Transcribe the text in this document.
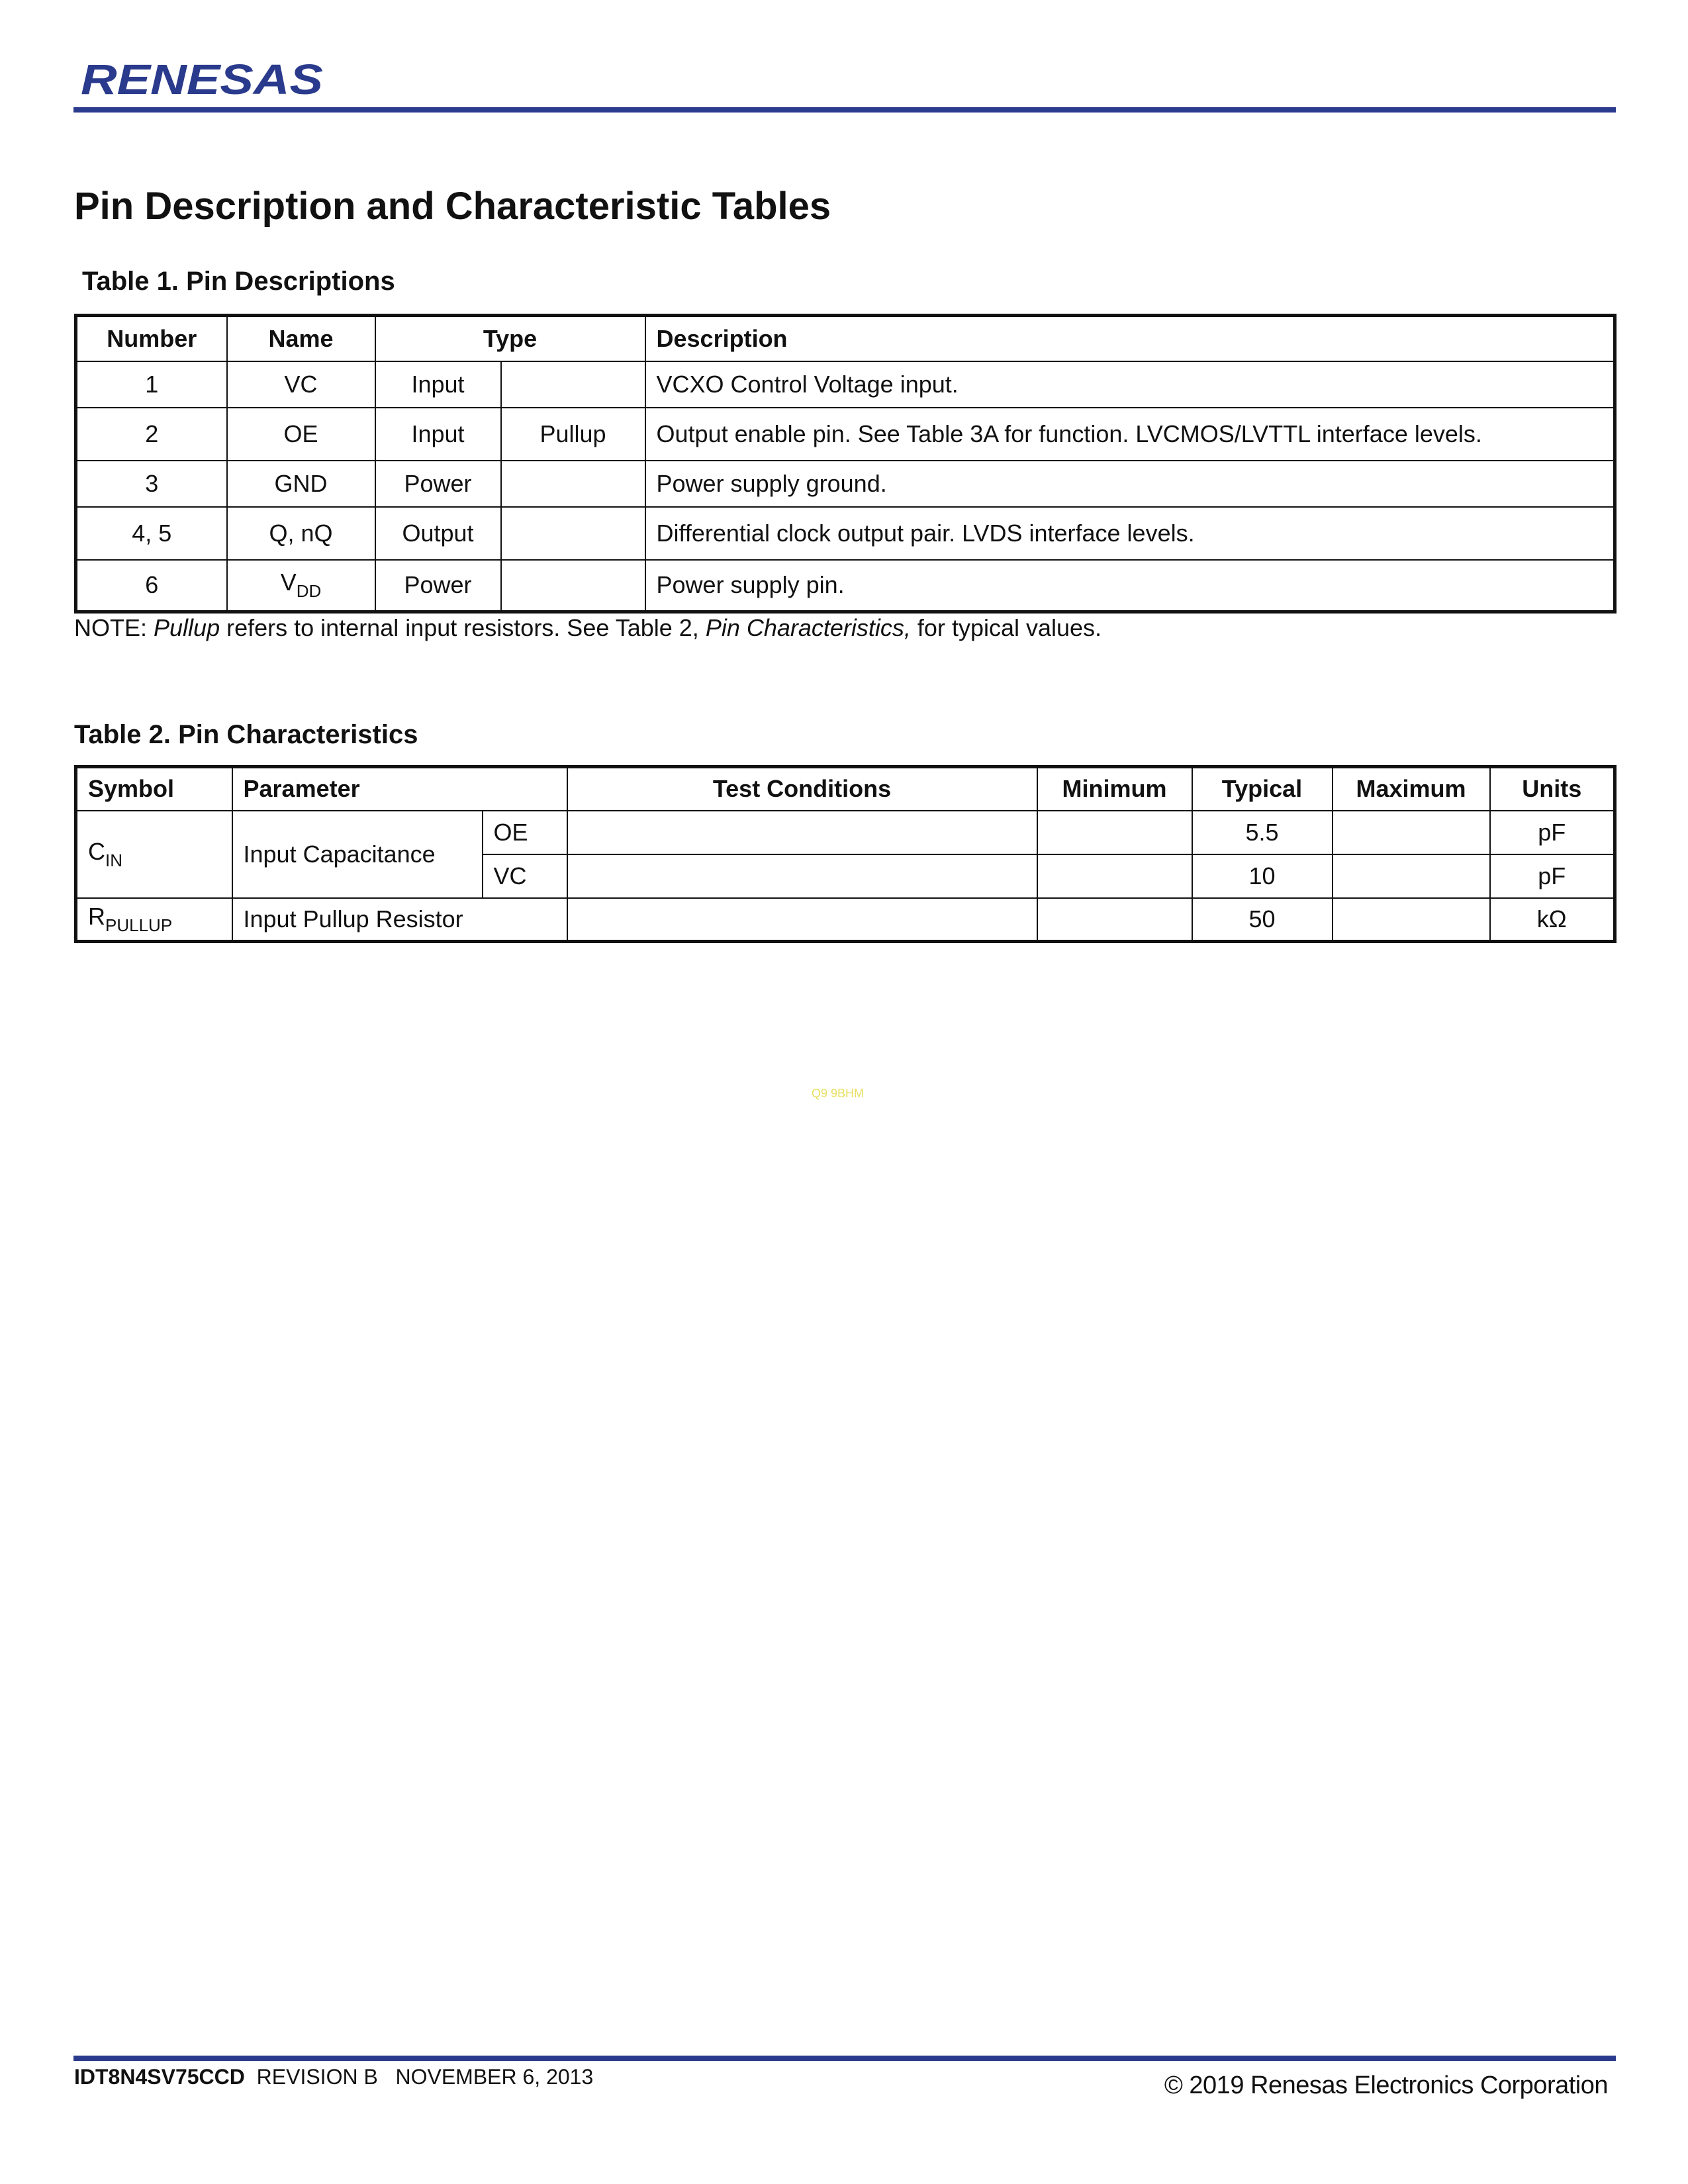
RENESAS
Pin Description and Characteristic Tables
Table 1. Pin Descriptions
Number	Name	Type		Description
1	VC	Input		VCXO Control Voltage input.
2	OE	Input	Pullup	Output enable pin. See Table 3A for function. LVCMOS/LVTTL interface levels.
3	GND	Power		Power supply ground.
4, 5	Q, nQ	Output		Differential clock output pair. LVDS interface levels.
6	$V_{DD}$	Power		Power supply pin.
NOTE: Pullup refers to internal input resistors. See Table 2, Pin Characteristics, for typical values.
Table 2. Pin Characteristics
Symbol	Parameter		Test Conditions	Minimum	Typical	Maximum	Units
$C_{IN}$	Input Capacitance	OE			5.5		pF
		VC			10		pF
$R_{PULLUP}$	Input Pullup Resistor				50		kΩ
Q9 9BHM
IDT8N4SV75CCD REVISION B NOVEMBER 6, 2013	© 2019 Renesas Electronics Corporation
